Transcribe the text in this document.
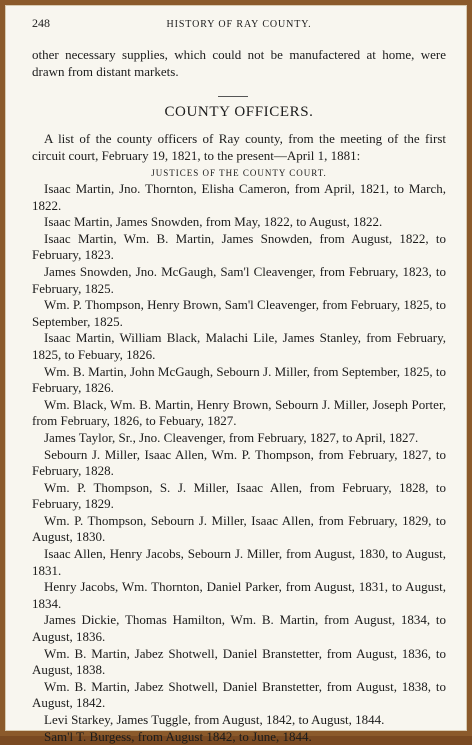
248	HISTORY OF RAY COUNTY.

other necessary supplies, which could not be manufactered at home, were drawn from distant markets.

COUNTY OFFICERS.

A list of the county officers of Ray county, from the meeting of the first circuit court, February 19, 1821, to the present—April 1, 1881:

JUSTICES OF THE COUNTY COURT.

Isaac Martin, Jno. Thornton, Elisha Cameron, from April, 1821, to March, 1822.

Isaac Martin, James Snowden, from May, 1822, to August, 1822.

Isaac Martin, Wm. B. Martin, James Snowden, from August, 1822, to February, 1823.

James Snowden, Jno. McGaugh, Sam'l Cleavenger, from February, 1823, to February, 1825.

Wm. P. Thompson, Henry Brown, Sam'l Cleavenger, from February, 1825, to September, 1825.

Isaac Martin, William Black, Malachi Lile, James Stanley, from February, 1825, to Febuary, 1826.

Wm. B. Martin, John McGaugh, Sebourn J. Miller, from September, 1825, to February, 1826.

Wm. Black, Wm. B. Martin, Henry Brown, Sebourn J. Miller, Joseph Porter, from February, 1826, to Febuary, 1827.

James Taylor, Sr., Jno. Cleavenger, from February, 1827, to April, 1827.

Sebourn J. Miller, Isaac Allen, Wm. P. Thompson, from February, 1827, to February, 1828.

Wm. P. Thompson, S. J. Miller, Isaac Allen, from February, 1828, to February, 1829.

Wm. P. Thompson, Sebourn J. Miller, Isaac Allen, from February, 1829, to August, 1830.

Isaac Allen, Henry Jacobs, Sebourn J. Miller, from August, 1830, to August, 1831.

Henry Jacobs, Wm. Thornton, Daniel Parker, from August, 1831, to August, 1834.

James Dickie, Thomas Hamilton, Wm. B. Martin, from August, 1834, to August, 1836.

Wm. B. Martin, Jabez Shotwell, Daniel Branstetter, from August, 1836, to August, 1838.

Wm. B. Martin, Jabez Shotwell, Daniel Branstetter, from August, 1838, to August, 1842.

Levi Starkey, James Tuggle, from August, 1842, to August, 1844.

Sam'l T. Burgess, from August 1842, to June, 1844.
